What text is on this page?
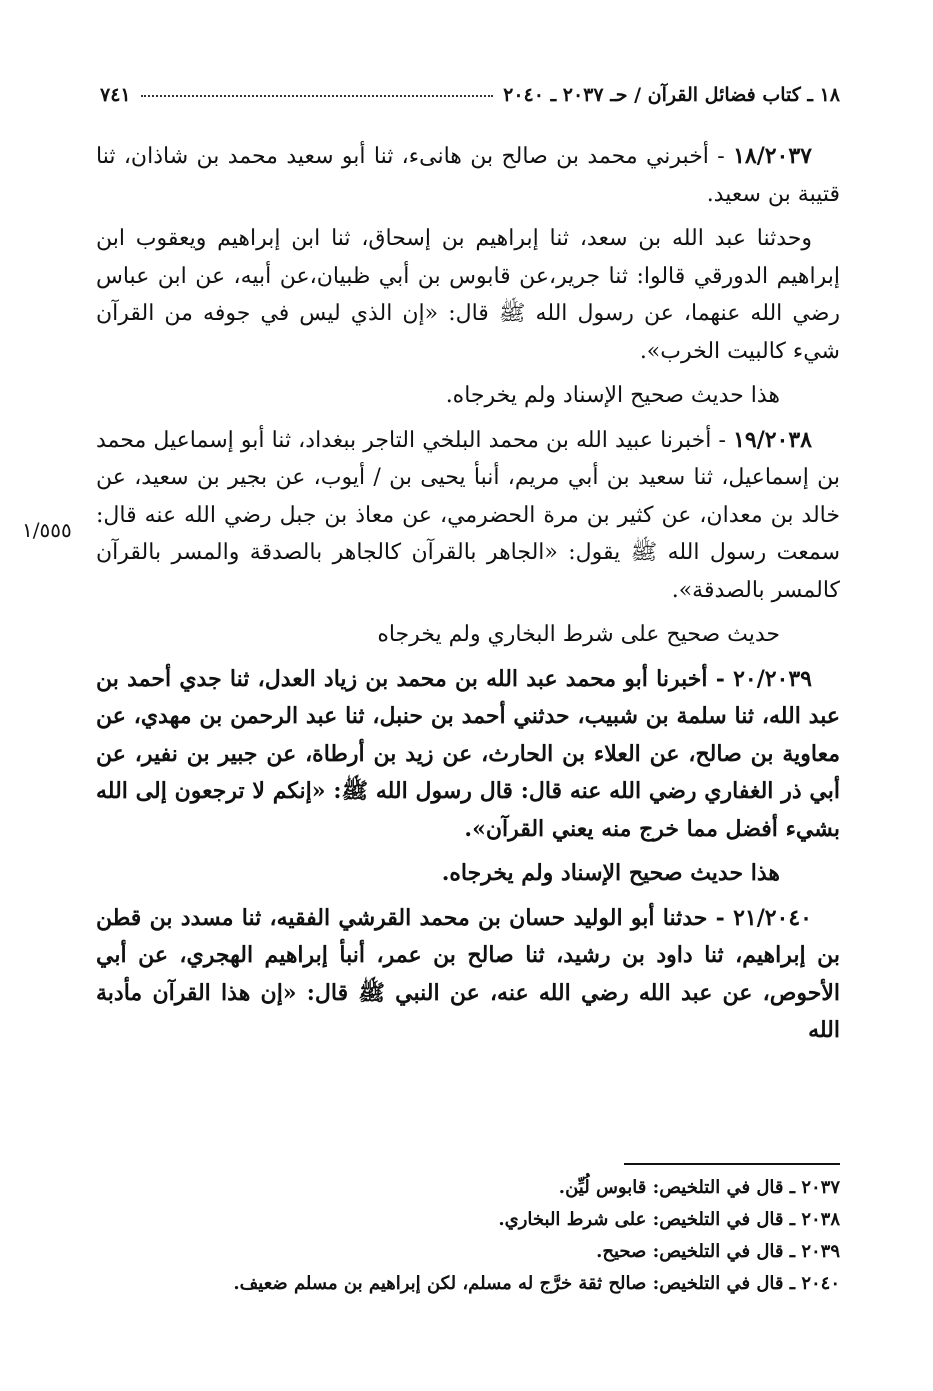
١٨ ـ كتاب فضائل القرآن / حـ ٢٠٣٧ ـ ٢٠٤٠
٧٤١
١/٥٥٥

١٨/٢٠٣٧ - أخبرني محمد بن صالح بن هانىء، ثنا أبو سعيد محمد بن شاذان، ثنا قتيبة بن سعيد.

وحدثنا عبد الله بن سعد، ثنا إبراهيم بن إسحاق، ثنا ابن إبراهيم ويعقوب ابن إبراهيم الدورقي قالوا: ثنا جرير،عن قابوس بن أبي ظبيان،عن أبيه، عن ابن عباس رضي الله عنهما، عن رسول الله ﷺ قال: «إن الذي ليس في جوفه من القرآن شيء كالبيت الخرب».

هذا حديث صحيح الإسناد ولم يخرجاه.

١٩/٢٠٣٨ - أخبرنا عبيد الله بن محمد البلخي التاجر ببغداد، ثنا أبو إسماعيل محمد بن إسماعيل، ثنا سعيد بن أبي مريم، أنبأ يحيى بن / أيوب، عن بجير بن سعيد، عن خالد بن معدان، عن كثير بن مرة الحضرمي، عن معاذ بن جبل رضي الله عنه قال: سمعت رسول الله ﷺ يقول: «الجاهر بالقرآن كالجاهر بالصدقة والمسر بالقرآن كالمسر بالصدقة».

حديث صحيح على شرط البخاري ولم يخرجاه

٢٠/٢٠٣٩ - أخبرنا أبو محمد عبد الله بن محمد بن زياد العدل، ثنا جدي أحمد بن عبد الله، ثنا سلمة بن شبيب، حدثني أحمد بن حنبل، ثنا عبد الرحمن بن مهدي، عن معاوية بن صالح، عن العلاء بن الحارث، عن زيد بن أرطاة، عن جبير بن نفير، عن أبي ذر الغفاري رضي الله عنه قال: قال رسول الله ﷺ: «إنكم لا ترجعون إلى الله بشيء أفضل مما خرج منه يعني القرآن».

هذا حديث صحيح الإسناد ولم يخرجاه.

٢١/٢٠٤٠ - حدثنا أبو الوليد حسان بن محمد القرشي الفقيه، ثنا مسدد بن قطن بن إبراهيم، ثنا داود بن رشيد، ثنا صالح بن عمر، أنبأ إبراهيم الهجري، عن أبي الأحوص، عن عبد الله رضي الله عنه، عن النبي ﷺ قال: «إن هذا القرآن مأدبة الله

٢٠٣٧ ـ قال في التلخيص: قابوس لُيِّن.
٢٠٣٨ ـ قال في التلخيص: على شرط البخاري.
٢٠٣٩ ـ قال في التلخيص: صحيح.
٢٠٤٠ ـ قال في التلخيص: صالح ثقة خرَّج له مسلم، لكن إبراهيم بن مسلم ضعيف.
